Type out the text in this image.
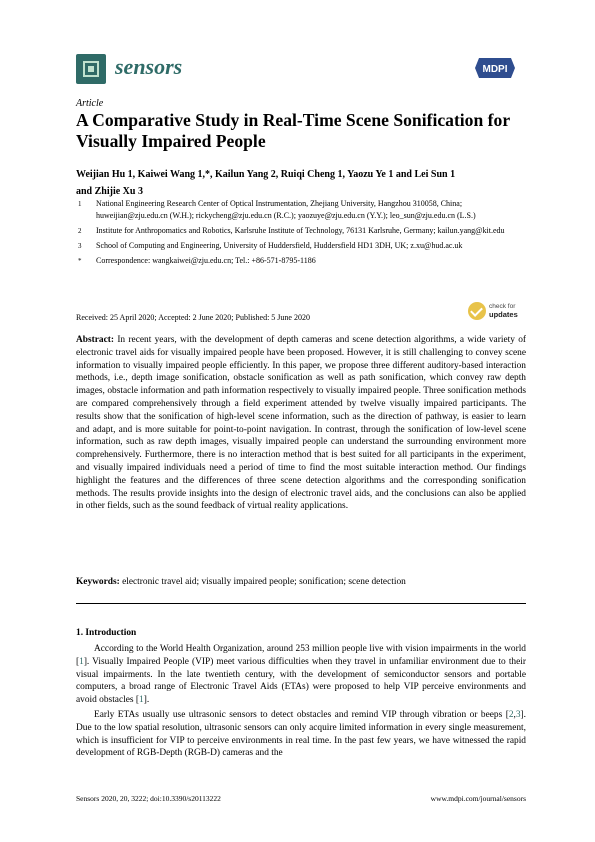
sensors	MDPI
Article
A Comparative Study in Real-Time Scene Sonification for Visually Impaired People
Weijian Hu 1, Kaiwei Wang 1,*, Kailun Yang 2, Ruiqi Cheng 1, Yaozu Ye 1 and Lei Sun 1
and Zhijie Xu 3
1 National Engineering Research Center of Optical Instrumentation, Zhejiang University, Hangzhou 310058, China; huweijian@zju.edu.cn (W.H.); rickycheng@zju.edu.cn (R.C.); yaozuye@zju.edu.cn (Y.Y.); leo_sun@zju.edu.cn (L.S.)
2 Institute for Anthropomatics and Robotics, Karlsruhe Institute of Technology, 76131 Karlsruhe, Germany; kailun.yang@kit.edu
3 School of Computing and Engineering, University of Huddersfield, Huddersfield HD1 3DH, UK; z.xu@hud.ac.uk
* Correspondence: wangkaiwei@zju.edu.cn; Tel.: +86-571-8795-1186
Received: 25 April 2020; Accepted: 2 June 2020; Published: 5 June 2020
check for
updates
Abstract: In recent years, with the development of depth cameras and scene detection algorithms, a wide variety of electronic travel aids for visually impaired people have been proposed. However, it is still challenging to convey scene information to visually impaired people efficiently. In this paper, we propose three different auditory-based interaction methods, i.e., depth image sonification, obstacle sonification as well as path sonification, which convey raw depth images, obstacle information and path information respectively to visually impaired people. Three sonification methods are compared comprehensively through a field experiment attended by twelve visually impaired participants. The results show that the sonification of high-level scene information, such as the direction of pathway, is easier to learn and adapt, and is more suitable for point-to-point navigation. In contrast, through the sonification of low-level scene information, such as raw depth images, visually impaired people can understand the surrounding environment more comprehensively. Furthermore, there is no interaction method that is best suited for all participants in the experiment, and visually impaired individuals need a period of time to find the most suitable interaction method. Our findings highlight the features and the differences of three scene detection algorithms and the corresponding sonification methods. The results provide insights into the design of electronic travel aids, and the conclusions can also be applied in other fields, such as the sound feedback of virtual reality applications.
Keywords: electronic travel aid; visually impaired people; sonification; scene detection
1. Introduction

According to the World Health Organization, around 253 million people live with vision impairments in the world [1]. Visually Impaired People (VIP) meet various difficulties when they travel in unfamiliar environment due to their visual impairments. In the late twentieth century, with the development of semiconductor sensors and portable computers, a broad range of Electronic Travel Aids (ETAs) were proposed to help VIP perceive environments and avoid obstacles [1].

Early ETAs usually use ultrasonic sensors to detect obstacles and remind VIP through vibration or beeps [2,3]. Due to the low spatial resolution, ultrasonic sensors can only acquire limited information in every single measurement, which is insufficient for VIP to perceive environments in real time. In the past few years, we have witnessed the rapid development of RGB-Depth (RGB-D) cameras and the

Sensors 2020, 20, 3222; doi:10.3390/s20113222	www.mdpi.com/journal/sensors
